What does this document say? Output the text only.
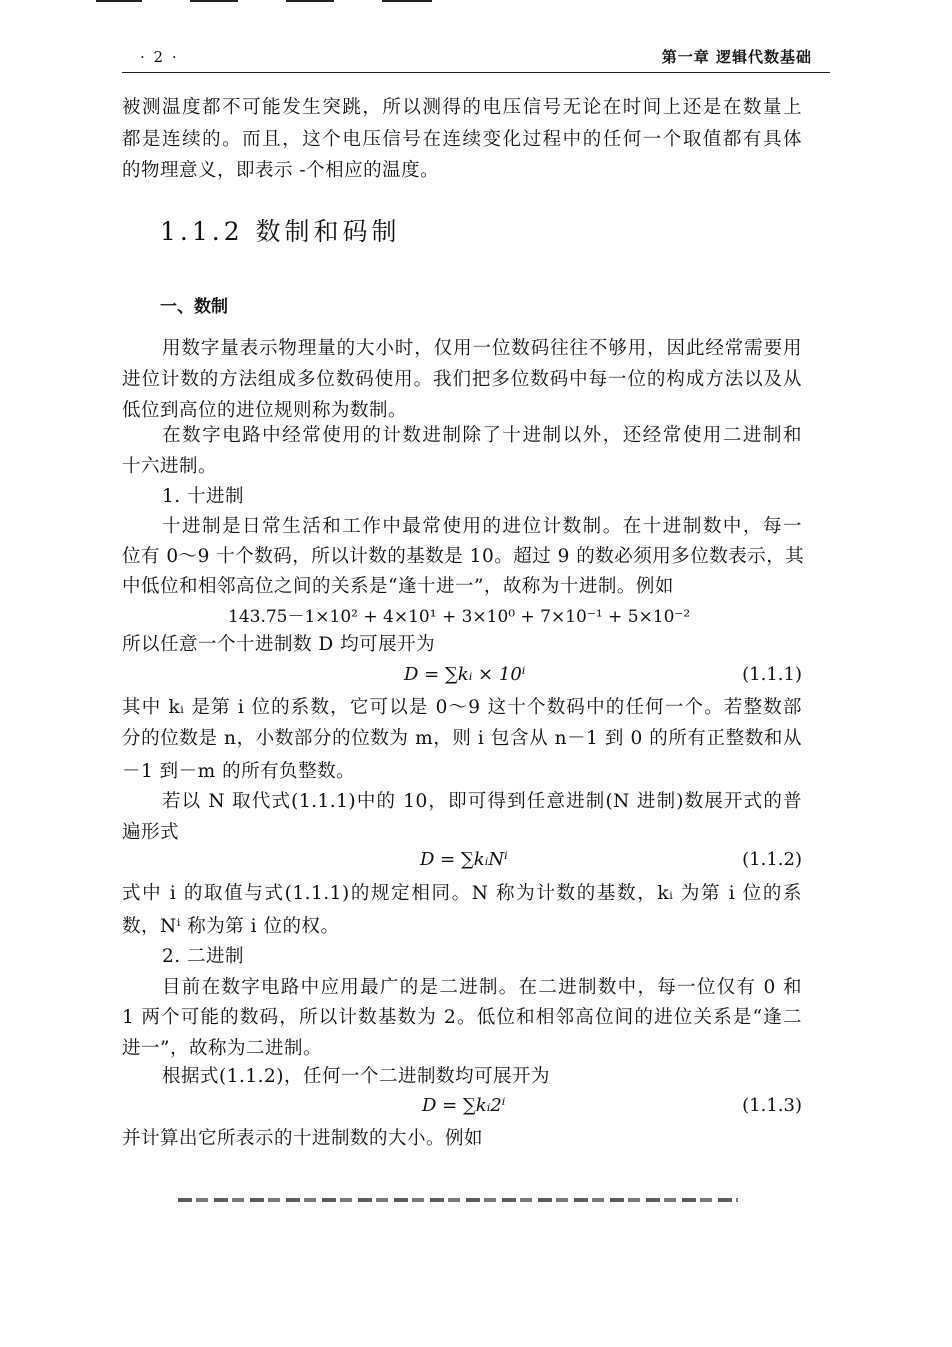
· 2 ·	第一章 逻辑代数基础
被测温度都不可能发生突跳，所以测得的电压信号无论在时间上还是在数量上
都是连续的。而且，这个电压信号在连续变化过程中的任何一个取值都有具体
的物理意义，即表示 -个相应的温度。
1.1.2 数制和码制
一、数制
用数字量表示物理量的大小时，仅用一位数码往往不够用，因此经常需要用
进位计数的方法组成多位数码使用。我们把多位数码中每一位的构成方法以及从
低位到高位的进位规则称为数制。
在数字电路中经常使用的计数进制除了十进制以外，还经常使用二进制和
十六进制。
1. 十进制
十进制是日常生活和工作中最常使用的进位计数制。在十进制数中，每一
位有 0～9 十个数码，所以计数的基数是 10。超过 9 的数必须用多位数表示，其
中低位和相邻高位之间的关系是“逢十进一”，故称为十进制。例如
143.75－1×10² + 4×10¹ + 3×10⁰ + 7×10⁻¹ + 5×10⁻²
所以任意一个十进制数 D 均可展开为
D = ∑kᵢ × 10ⁱ	(1.1.1)
其中 kᵢ 是第 i 位的系数，它可以是 0～9 这十个数码中的任何一个。若整数部
分的位数是 n，小数部分的位数为 m，则 i 包含从 n－1 到 0 的所有正整数和从
－1 到－m 的所有负整数。
若以 N 取代式(1.1.1)中的 10，即可得到任意进制(N 进制)数展开式的普
遍形式
D = ∑kᵢNⁱ	(1.1.2)
式中 i 的取值与式(1.1.1)的规定相同。N 称为计数的基数，kᵢ 为第 i 位的系
数，Nⁱ 称为第 i 位的权。
2. 二进制
目前在数字电路中应用最广的是二进制。在二进制数中，每一位仅有 0 和
1 两个可能的数码，所以计数基数为 2。低位和相邻高位间的进位关系是“逢二
进一”，故称为二进制。
根据式(1.1.2)，任何一个二进制数均可展开为
D = ∑kᵢ2ⁱ	(1.1.3)
并计算出它所表示的十进制数的大小。例如
